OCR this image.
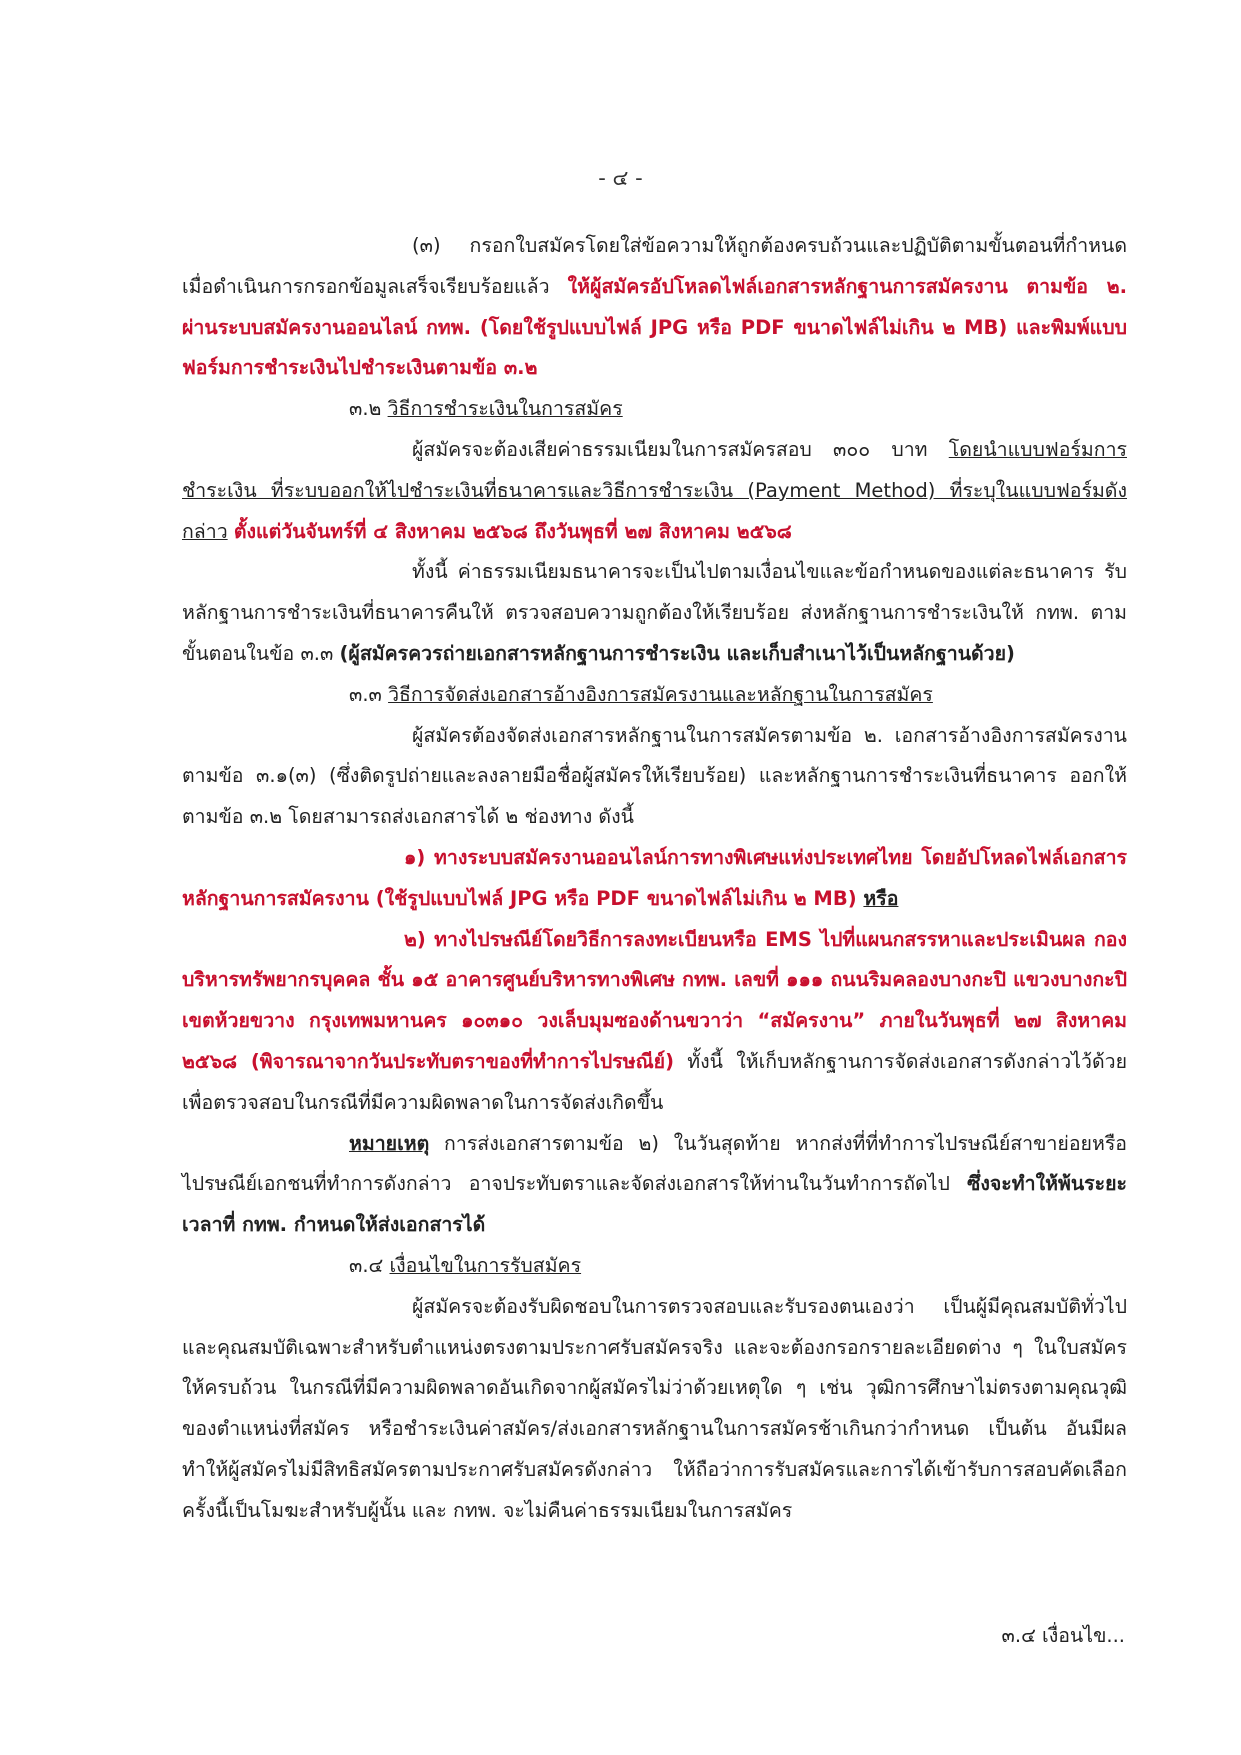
- ๔ -

(๓) กรอกใบสมัครโดยใส่ข้อความให้ถูกต้องครบถ้วนและปฏิบัติตามขั้นตอนที่กำหนด เมื่อดำเนินการกรอกข้อมูลเสร็จเรียบร้อยแล้ว ให้ผู้สมัครอัปโหลดไฟล์เอกสารหลักฐานการสมัครงาน ตามข้อ ๒. ผ่านระบบสมัครงานออนไลน์ กทพ. (โดยใช้รูปแบบไฟล์ JPG หรือ PDF ขนาดไฟล์ไม่เกิน ๒ MB) และพิมพ์แบบฟอร์มการชำระเงินไปชำระเงินตามข้อ ๓.๒

๓.๒ วิธีการชำระเงินในการสมัคร

ผู้สมัครจะต้องเสียค่าธรรมเนียมในการสมัครสอบ ๓๐๐ บาท โดยนำแบบฟอร์มการชำระเงิน ที่ระบบออกให้ไปชำระเงินที่ธนาคารและวิธีการชำระเงิน (Payment Method) ที่ระบุในแบบฟอร์มดังกล่าว ตั้งแต่วันจันทร์ที่ ๔ สิงหาคม ๒๕๖๘ ถึงวันพุธที่ ๒๗ สิงหาคม ๒๕๖๘

ทั้งนี้ ค่าธรรมเนียมธนาคารจะเป็นไปตามเงื่อนไขและข้อกำหนดของแต่ละธนาคาร รับหลักฐานการชำระเงินที่ธนาคารคืนให้ ตรวจสอบความถูกต้องให้เรียบร้อย ส่งหลักฐานการชำระเงินให้ กทพ. ตามขั้นตอนในข้อ ๓.๓ (ผู้สมัครควรถ่ายเอกสารหลักฐานการชำระเงิน และเก็บสำเนาไว้เป็นหลักฐานด้วย)

๓.๓ วิธีการจัดส่งเอกสารอ้างอิงการสมัครงานและหลักฐานในการสมัคร

ผู้สมัครต้องจัดส่งเอกสารหลักฐานในการสมัครตามข้อ ๒. เอกสารอ้างอิงการสมัครงาน ตามข้อ ๓.๑(๓) (ซึ่งติดรูปถ่ายและลงลายมือชื่อผู้สมัครให้เรียบร้อย) และหลักฐานการชำระเงินที่ธนาคาร ออกให้ ตามข้อ ๓.๒ โดยสามารถส่งเอกสารได้ ๒ ช่องทาง ดังนี้

๑) ทางระบบสมัครงานออนไลน์การทางพิเศษแห่งประเทศไทย โดยอัปโหลดไฟล์เอกสารหลักฐานการสมัครงาน (ใช้รูปแบบไฟล์ JPG หรือ PDF ขนาดไฟล์ไม่เกิน ๒ MB) หรือ

๒) ทางไปรษณีย์โดยวิธีการลงทะเบียนหรือ EMS ไปที่แผนกสรรหาและประเมินผล กองบริหารทรัพยากรบุคคล ชั้น ๑๕ อาคารศูนย์บริหารทางพิเศษ กทพ. เลขที่ ๑๑๑ ถนนริมคลองบางกะปิ แขวงบางกะปิ เขตห้วยขวาง กรุงเทพมหานคร ๑๐๓๑๐ วงเล็บมุมซองด้านขวาว่า “สมัครงาน” ภายในวันพุธที่ ๒๗ สิงหาคม ๒๕๖๘ (พิจารณาจากวันประทับตราของที่ทำการไปรษณีย์) ทั้งนี้ ให้เก็บหลักฐานการจัดส่งเอกสารดังกล่าวไว้ด้วย เพื่อตรวจสอบในกรณีที่มีความผิดพลาดในการจัดส่งเกิดขึ้น

หมายเหตุ การส่งเอกสารตามข้อ ๒) ในวันสุดท้าย หากส่งที่ที่ทำการไปรษณีย์สาขาย่อยหรือไปรษณีย์เอกชนที่ทำการดังกล่าว อาจประทับตราและจัดส่งเอกสารให้ท่านในวันทำการถัดไป ซึ่งจะทำให้พ้นระยะเวลาที่ กทพ. กำหนดให้ส่งเอกสารได้

๓.๔ เงื่อนไขในการรับสมัคร

ผู้สมัครจะต้องรับผิดชอบในการตรวจสอบและรับรองตนเองว่า เป็นผู้มีคุณสมบัติทั่วไปและคุณสมบัติเฉพาะสำหรับตำแหน่งตรงตามประกาศรับสมัครจริง และจะต้องกรอกรายละเอียดต่าง ๆ ในใบสมัครให้ครบถ้วน ในกรณีที่มีความผิดพลาดอันเกิดจากผู้สมัครไม่ว่าด้วยเหตุใด ๆ เช่น วุฒิการศึกษาไม่ตรงตามคุณวุฒิของตำแหน่งที่สมัคร หรือชำระเงินค่าสมัคร/ส่งเอกสารหลักฐานในการสมัครช้าเกินกว่ากำหนด เป็นต้น อันมีผลทำให้ผู้สมัครไม่มีสิทธิสมัครตามประกาศรับสมัครดังกล่าว ให้ถือว่าการรับสมัครและการได้เข้ารับการสอบคัดเลือกครั้งนี้เป็นโมฆะสำหรับผู้นั้น และ กทพ. จะไม่คืนค่าธรรมเนียมในการสมัคร

๓.๔ เงื่อนไข...
